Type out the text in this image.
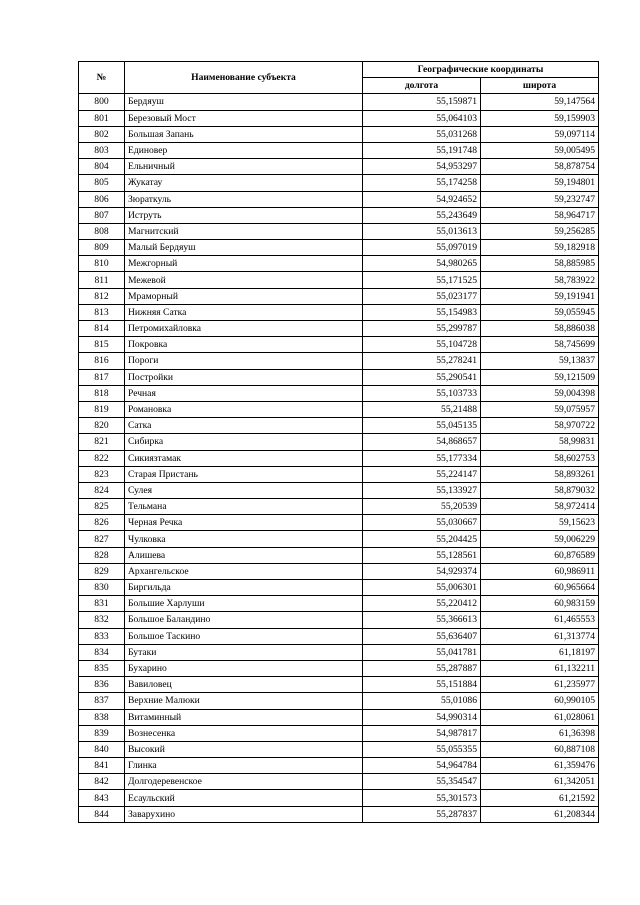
№	Наименование субъекта	Географические координаты	
		долгота	широта
800	Бердяуш	55,159871	59,147564
801	Березовый Мост	55,064103	59,159903
802	Большая Запань	55,031268	59,097114
803	Единовер	55,191748	59,005495
804	Ельничный	54,953297	58,878754
805	Жукатау	55,174258	59,194801
806	Зюраткуль	54,924652	59,232747
807	Иструть	55,243649	58,964717
808	Магнитский	55,013613	59,256285
809	Малый Бердяуш	55,097019	59,182918
810	Межгорный	54,980265	58,885985
811	Межевой	55,171525	58,783922
812	Мраморный	55,023177	59,191941
813	Нижняя Сатка	55,154983	59,055945
814	Петромихайловка	55,299787	58,886038
815	Покровка	55,104728	58,745699
816	Пороги	55,278241	59,13837
817	Постройки	55,290541	59,121509
818	Речная	55,103733	59,004398
819	Романовка	55,21488	59,075957
820	Сатка	55,045135	58,970722
821	Сибирка	54,868657	58,99831
822	Сикиязтамак	55,177334	58,602753
823	Старая Пристань	55,224147	58,893261
824	Сулея	55,133927	58,879032
825	Тельмана	55,20539	58,972414
826	Черная Речка	55,030667	59,15623
827	Чулковка	55,204425	59,006229
828	Алишева	55,128561	60,876589
829	Архангельское	54,929374	60,986911
830	Биргильда	55,006301	60,965664
831	Большие Харлуши	55,220412	60,983159
832	Большое Баландино	55,366613	61,465553
833	Большое Таскино	55,636407	61,313774
834	Бутаки	55,041781	61,18197
835	Бухарино	55,287887	61,132211
836	Вавиловец	55,151884	61,235977
837	Верхние Малюки	55,01086	60,990105
838	Витаминный	54,990314	61,028061
839	Вознесенка	54,987817	61,36398
840	Высокий	55,055355	60,887108
841	Глинка	54,964784	61,359476
842	Долгодеревенское	55,354547	61,342051
843	Есаульский	55,301573	61,21592
844	Заварухино	55,287837	61,208344
